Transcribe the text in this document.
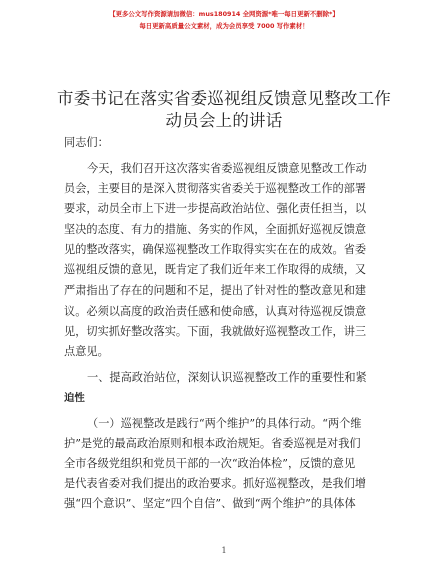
【更多公文写作资源请加微信：mus180914 全网资源*唯一每日更新不删除*】
每日更新高质量公文素材，成为会员享受 7000 写作素材！
市委书记在落实省委巡视组反馈意见整改工作
动员会上的讲话
同志们：
今天，我们召开这次落实省委巡视组反馈意见整改工作动
员会，主要目的是深入贯彻落实省委关于巡视整改工作的部署
要求，动员全市上下进一步提高政治站位、强化责任担当，以
坚决的态度、有力的措施、务实的作风，全面抓好巡视反馈意
见的整改落实，确保巡视整改工作取得实实在在的成效。省委
巡视组反馈的意见，既肯定了我们近年来工作取得的成绩，又
严肃指出了存在的问题和不足，提出了针对性的整改意见和建
议。必须以高度的政治责任感和使命感，认真对待巡视反馈意
见，切实抓好整改落实。下面，我就做好巡视整改工作，讲三
点意见。
一、提高政治站位，深刻认识巡视整改工作的重要性和紧
迫性
（一）巡视整改是践行“两个维护”的具体行动。“两个维
护”是党的最高政治原则和根本政治规矩。省委巡视是对我们
全市各级党组织和党员干部的一次“政治体检”，反馈的意见
是代表省委对我们提出的政治要求。抓好巡视整改，是我们增
强“四个意识”、坚定“四个自信”、做到“两个维护”的具体体
1
